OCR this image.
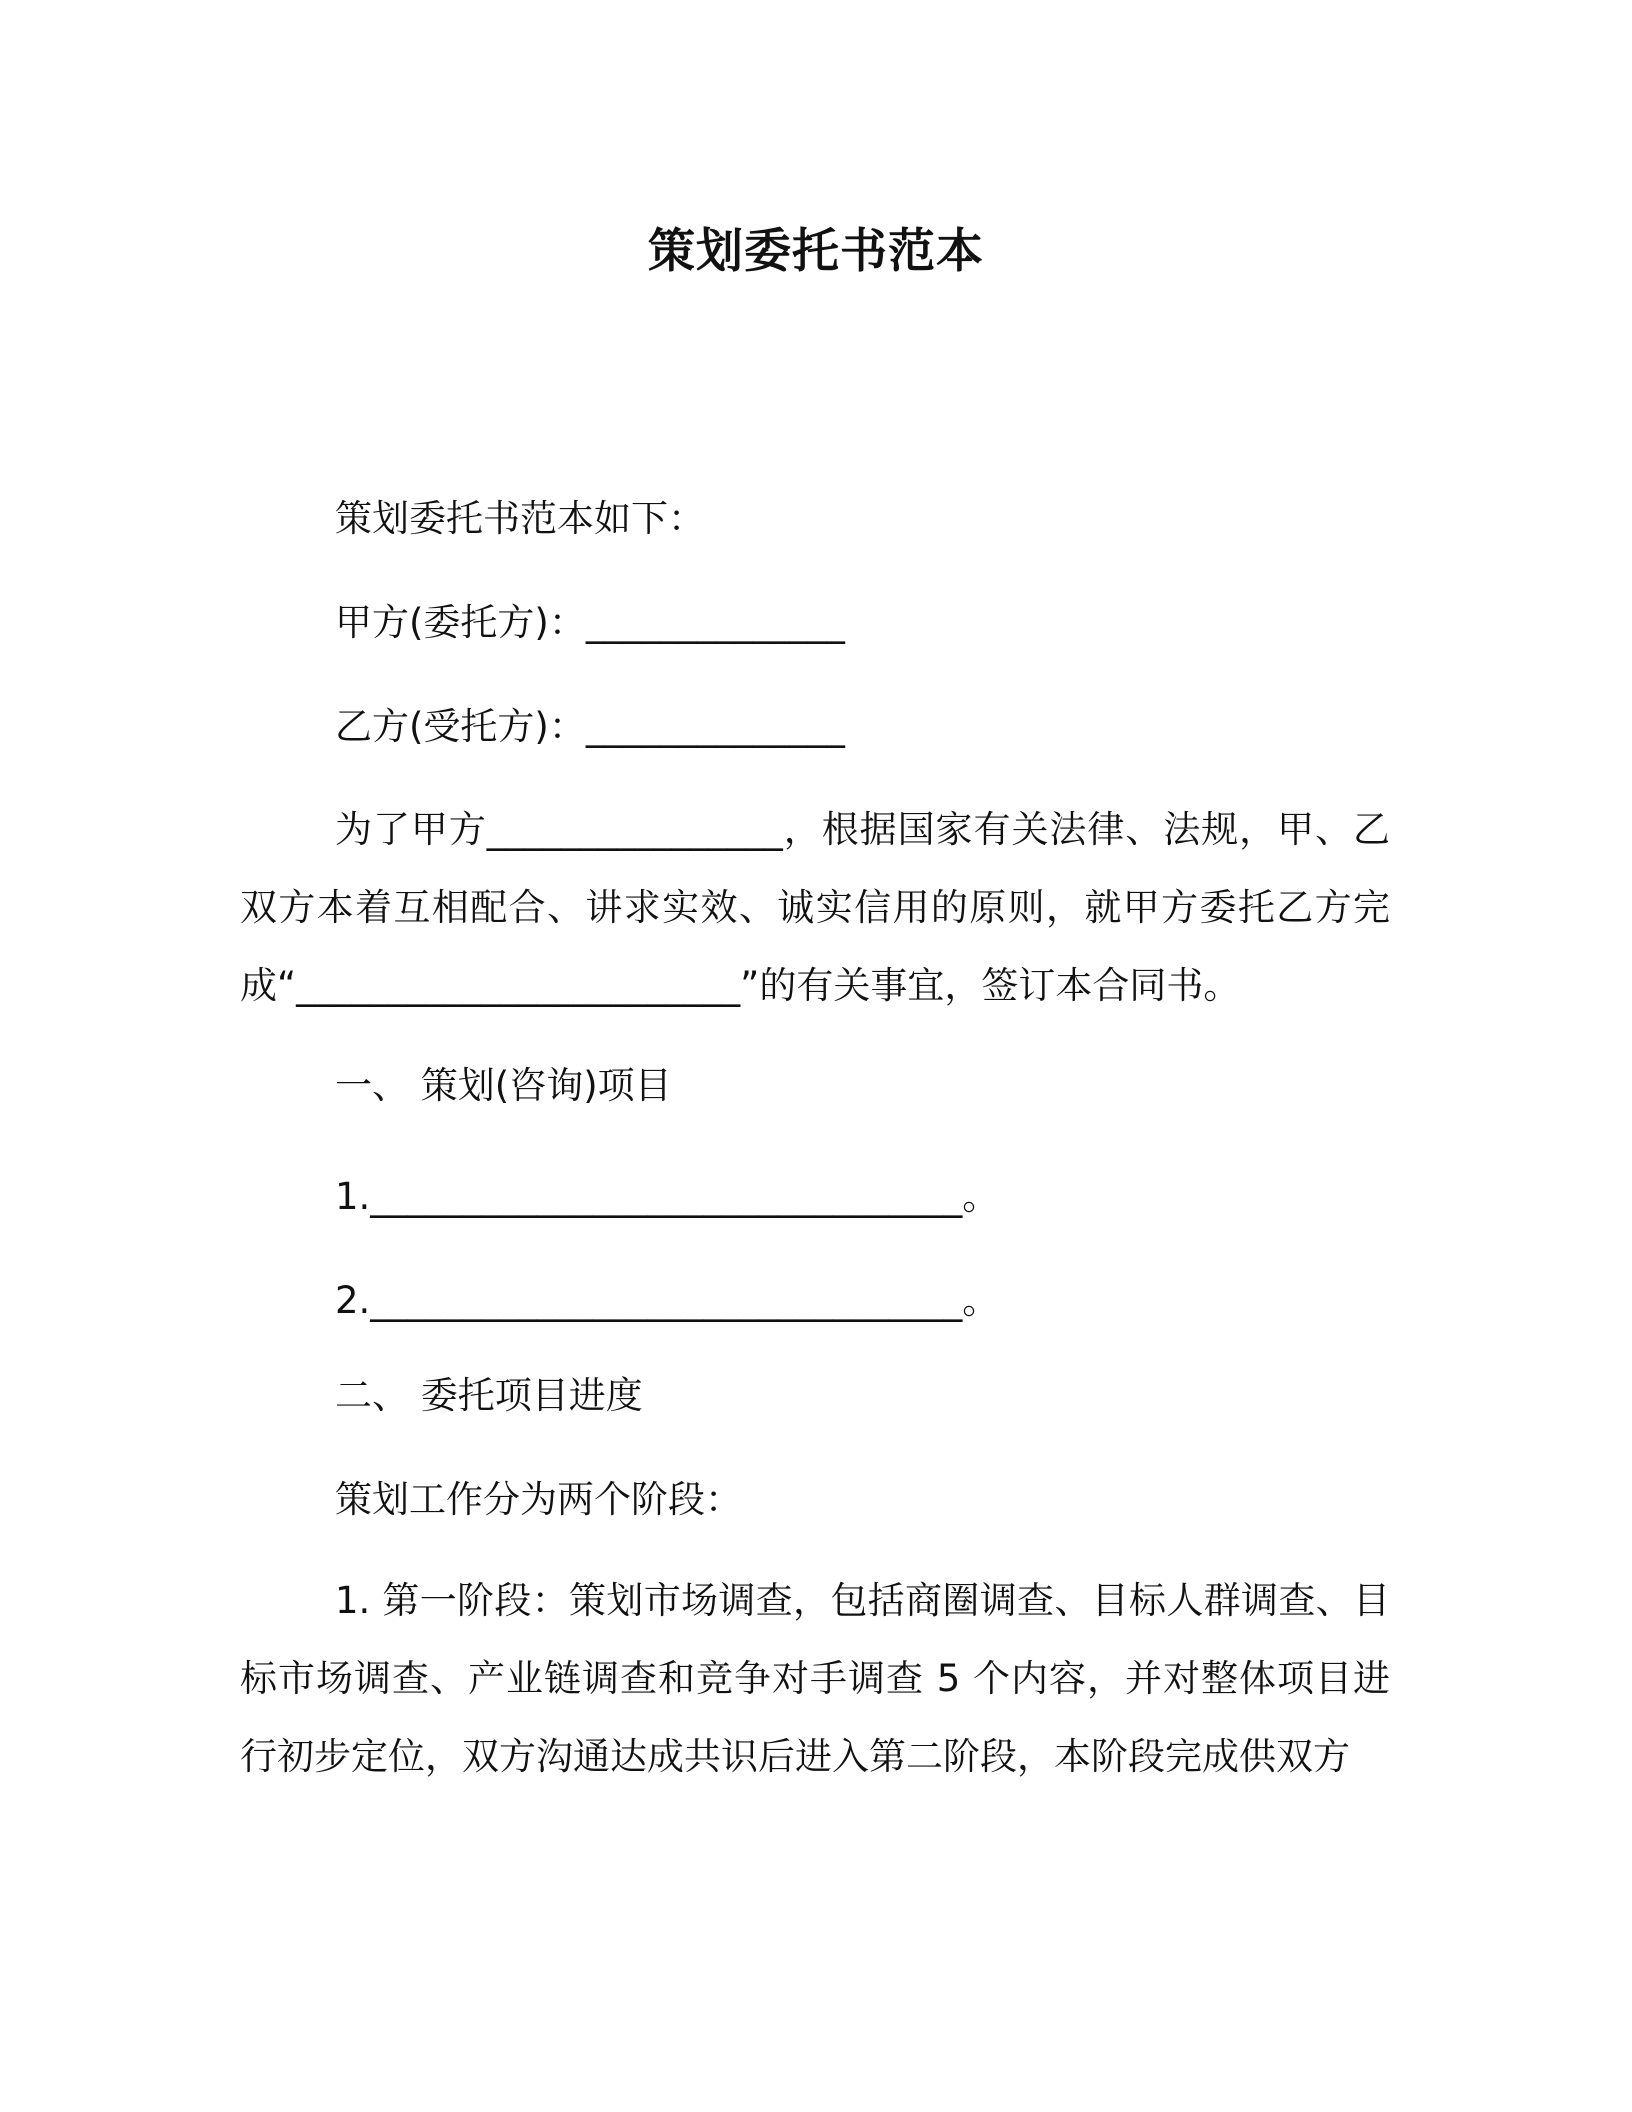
策划委托书范本
策划委托书范本如下：
甲方(委托方)：______________
乙方(受托方)：______________
为了甲方________________，根据国家有关法律、法规，甲、乙双方本着互相配合、讲求实效、诚实信用的原则，就甲方委托乙方完成“________________________”的有关事宜，签订本合同书。
一、 策划(咨询)项目
1.________________________________。
2.________________________________。
二、 委托项目进度
策划工作分为两个阶段：
1. 第一阶段：策划市场调查，包括商圈调查、目标人群调查、目标市场调查、产业链调查和竞争对手调查 5 个内容，并对整体项目进行初步定位，双方沟通达成共识后进入第二阶段，本阶段完成供双方
